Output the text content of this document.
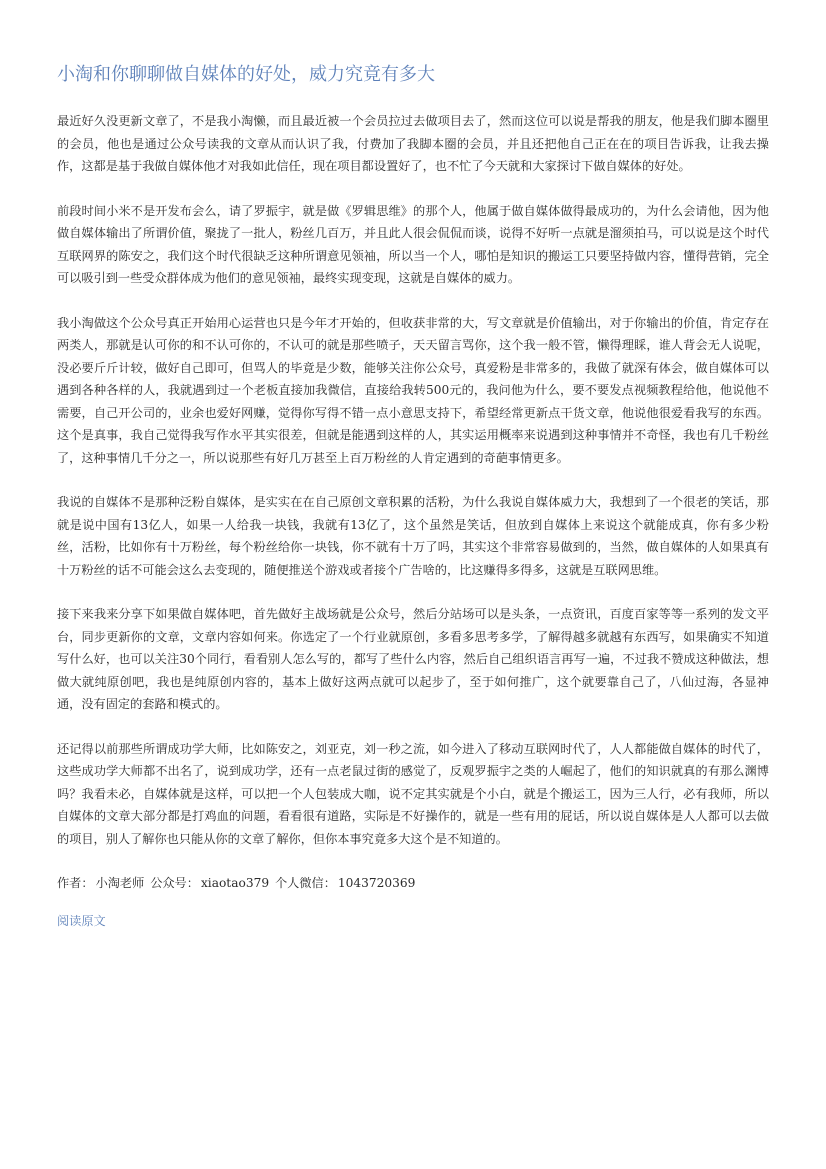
小淘和你聊聊做自媒体的好处，威力究竟有多大

最近好久没更新文章了，不是我小淘懒，而且最近被一个会员拉过去做项目去了，然而这位可以说是帮我的朋友，他是我们脚本圈里的会员，他也是通过公众号读我的文章从而认识了我，付费加了我脚本圈的会员，并且还把他自己正在在的项目告诉我，让我去操作，这都是基于我做自媒体他才对我如此信任，现在项目都设置好了，也不忙了今天就和大家探讨下做自媒体的好处。

前段时间小米不是开发布会么，请了罗振宇，就是做《罗辑思维》的那个人，他属于做自媒体做得最成功的，为什么会请他，因为他做自媒体输出了所谓价值，聚拢了一批人，粉丝几百万，并且此人很会侃侃而谈，说得不好听一点就是溜须拍马，可以说是这个时代互联网界的陈安之，我们这个时代很缺乏这种所谓意见领袖，所以当一个人，哪怕是知识的搬运工只要坚持做内容，懂得营销，完全可以吸引到一些受众群体成为他们的意见领袖，最终实现变现，这就是自媒体的威力。

我小淘做这个公众号真正开始用心运营也只是今年才开始的，但收获非常的大，写文章就是价值输出，对于你输出的价值，肯定存在两类人，那就是认可你的和不认可你的，不认可的就是那些喷子，天天留言骂你，这个我一般不管，懒得理睬，谁人背会无人说呢，没必要斤斤计较，做好自己即可，但骂人的毕竟是少数，能够关注你公众号，真爱粉是非常多的，我做了就深有体会，做自媒体可以遇到各种各样的人，我就遇到过一个老板直接加我微信，直接给我转500元的，我问他为什么，要不要发点视频教程给他，他说他不需要，自己开公司的，业余也爱好网赚，觉得你写得不错一点小意思支持下，希望经常更新点干货文章，他说他很爱看我写的东西。这个是真事，我自己觉得我写作水平其实很差，但就是能遇到这样的人，其实运用概率来说遇到这种事情并不奇怪，我也有几千粉丝了，这种事情几千分之一，所以说那些有好几万甚至上百万粉丝的人肯定遇到的奇葩事情更多。

我说的自媒体不是那种泛粉自媒体，是实实在在自己原创文章积累的活粉，为什么我说自媒体威力大，我想到了一个很老的笑话，那就是说中国有13亿人，如果一人给我一块钱，我就有13亿了，这个虽然是笑话，但放到自媒体上来说这个就能成真，你有多少粉丝，活粉，比如你有十万粉丝，每个粉丝给你一块钱，你不就有十万了吗，其实这个非常容易做到的，当然，做自媒体的人如果真有十万粉丝的话不可能会这么去变现的，随便推送个游戏或者接个广告啥的，比这赚得多得多，这就是互联网思维。

接下来我来分享下如果做自媒体吧，首先做好主战场就是公众号，然后分站场可以是头条，一点资讯，百度百家等等一系列的发文平台，同步更新你的文章，文章内容如何来。你选定了一个行业就原创，多看多思考多学，了解得越多就越有东西写，如果确实不知道写什么好，也可以关注30个同行，看看别人怎么写的，都写了些什么内容，然后自己组织语言再写一遍，不过我不赞成这种做法，想做大就纯原创吧，我也是纯原创内容的，基本上做好这两点就可以起步了，至于如何推广，这个就要靠自己了，八仙过海，各显神通，没有固定的套路和模式的。

还记得以前那些所谓成功学大师，比如陈安之，刘亚克，刘一秒之流，如今进入了移动互联网时代了，人人都能做自媒体的时代了，这些成功学大师都不出名了，说到成功学，还有一点老鼠过街的感觉了，反观罗振宇之类的人崛起了，他们的知识就真的有那么渊博吗？我看未必，自媒体就是这样，可以把一个人包装成大咖，说不定其实就是个小白，就是个搬运工，因为三人行，必有我师，所以自媒体的文章大部分都是打鸡血的问题，看看很有道路，实际是不好操作的，就是一些有用的屁话，所以说自媒体是人人都可以去做的项目，别人了解你也只能从你的文章了解你，但你本事究竟多大这个是不知道的。

作者： 小淘老师 公众号： xiaotao379 个人微信： 1043720369

阅读原文
